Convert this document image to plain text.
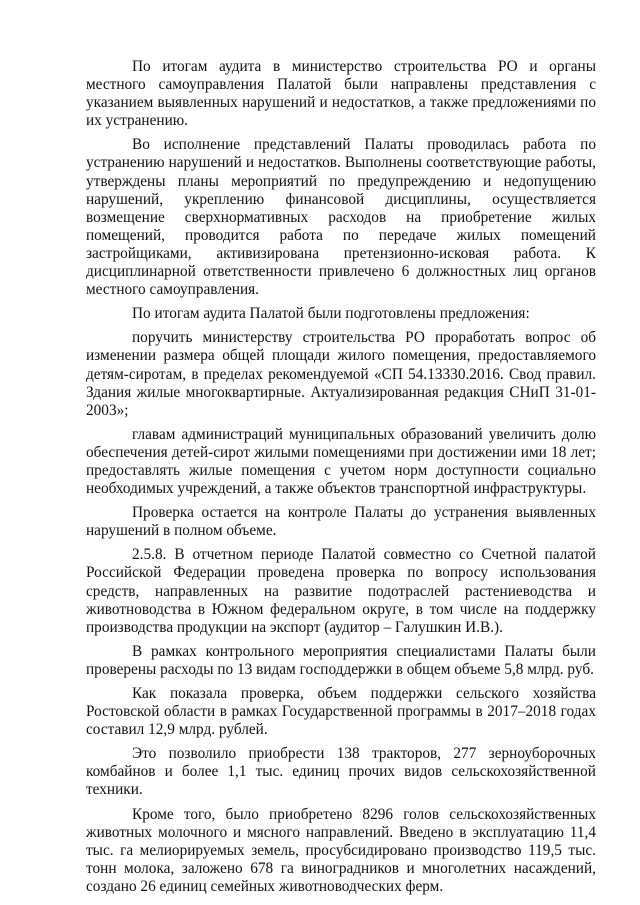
По итогам аудита в министерство строительства РО и органы местного самоуправления Палатой были направлены представления с указанием выявленных нарушений и недостатков, а также предложениями по их устранению.

Во исполнение представлений Палаты проводилась работа по устранению нарушений и недостатков. Выполнены соответствующие работы, утверждены планы мероприятий по предупреждению и недопущению нарушений, укреплению финансовой дисциплины, осуществляется возмещение сверхнормативных расходов на приобретение жилых помещений, проводится работа по передаче жилых помещений застройщиками, активизирована претензионно-исковая работа. К дисциплинарной ответственности привлечено 6 должностных лиц органов местного самоуправления.

По итогам аудита Палатой были подготовлены предложения:

поручить министерству строительства РО проработать вопрос об изменении размера общей площади жилого помещения, предоставляемого детям-сиротам, в пределах рекомендуемой «СП 54.13330.2016. Свод правил. Здания жилые многоквартирные. Актуализированная редакция СНиП 31-01-2003»;

главам администраций муниципальных образований увеличить долю обеспечения детей-сирот жилыми помещениями при достижении ими 18 лет; предоставлять жилые помещения с учетом норм доступности социально необходимых учреждений, а также объектов транспортной инфраструктуры.

Проверка остается на контроле Палаты до устранения выявленных нарушений в полном объеме.

2.5.8. В отчетном периоде Палатой совместно со Счетной палатой Российской Федерации проведена проверка по вопросу использования средств, направленных на развитие подотраслей растениеводства и животноводства в Южном федеральном округе, в том числе на поддержку производства продукции на экспорт (аудитор – Галушкин И.В.).

В рамках контрольного мероприятия специалистами Палаты были проверены расходы по 13 видам господдержки в общем объеме 5,8 млрд. руб.

Как показала проверка, объем поддержки сельского хозяйства Ростовской области в рамках Государственной программы в 2017–2018 годах составил 12,9 млрд. рублей.

Это позволило приобрести 138 тракторов, 277 зерноуборочных комбайнов и более 1,1 тыс. единиц прочих видов сельскохозяйственной техники.

Кроме того, было приобретено 8296 голов сельскохозяйственных животных молочного и мясного направлений. Введено в эксплуатацию 11,4 тыс. га мелиорируемых земель, просубсидировано производство 119,5 тыс. тонн молока, заложено 678 га виноградников и многолетних насаждений, создано 26 единиц семейных животноводческих ферм.
